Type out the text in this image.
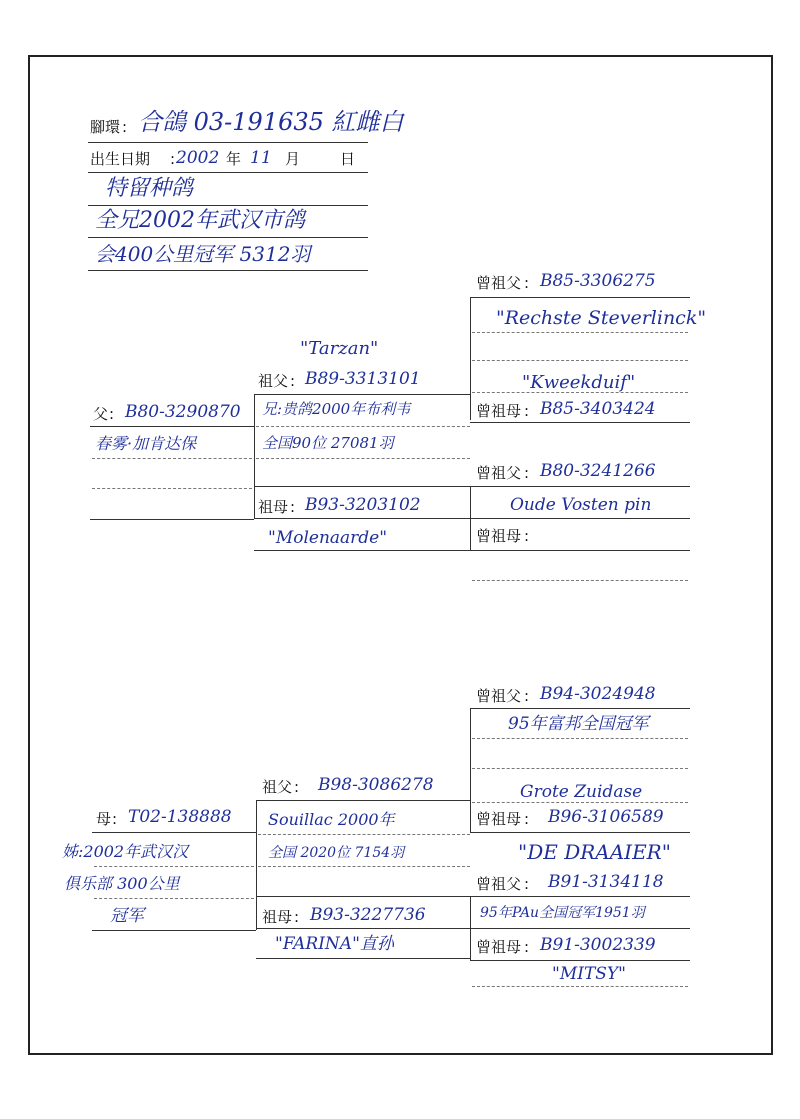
腳環 : 合鴿 03-191635 紅雌白
出生日期 : 2002 年 11 月	日
特留种鸽
全兄2002年武汉市鸽
会400公里冠军 5312羽
曾祖父 : B85-3306275
"Rechste Steverlinck"
"Kweekduif"
曾祖母 : B85-3403424
"Tarzan"
祖父 : B89-3313101
兄:贵鸽2000年布利韦
全国90位 27081羽
父 : B80-3290870
春雾·加肯达保
曾祖父 : B80-3241266
Oude Vosten pin
祖母 : B93-3203102
"Molenaarde"	曾祖母 :
曾祖父 : B94-3024948
95年富邦全国冠军
Grote Zuidase
祖父 : B98-3086278
Souillac 2000年
全国 2020位 7154羽
曾祖母 : B96-3106589
"DE DRAAIER"
母 : T02-138888
姊:2002年武汉汉
俱乐部 300公里
冠军
曾祖父 : B91-3134118
95年PAu全国冠军1951羽
祖母 : B93-3227736
"FARINA"直孙	曾祖母 : B91-3002339
"MITSY"
